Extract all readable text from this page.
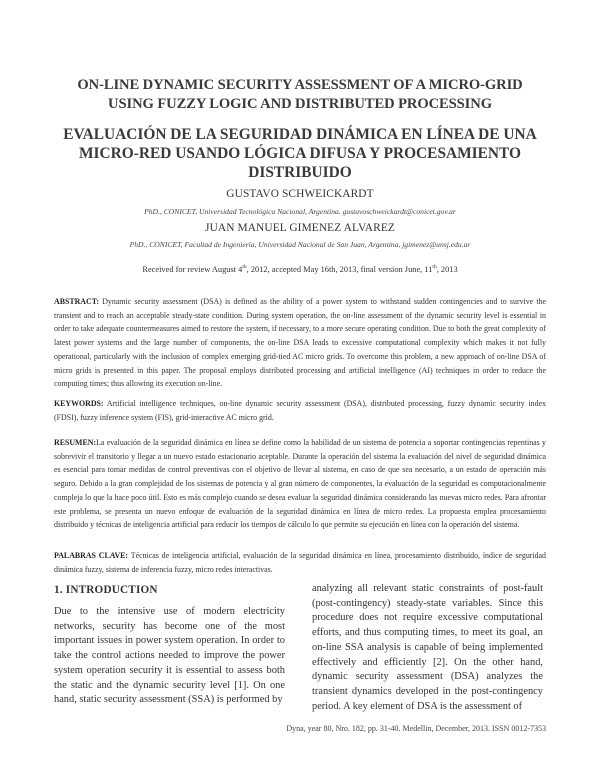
ON-LINE DYNAMIC SECURITY ASSESSMENT OF A MICRO-GRID
USING FUZZY LOGIC AND DISTRIBUTED PROCESSING
EVALUACIÓN DE LA SEGURIDAD DINÁMICA EN LÍNEA DE UNA
MICRO-RED USANDO LÓGICA DIFUSA Y PROCESAMIENTO
DISTRIBUIDO
GUSTAVO SCHWEICKARDT
PhD., CONICET, Universidad Tecnológica Nacional, Argentina. gustavoschweickardt@conicet.gov.ar
JUAN MANUEL GIMENEZ ALVAREZ
PhD., CONICET, Facultad de Ingeniería, Universidad Nacional de San Juan, Argentina, jgimenez@unsj.edu.ar
Received for review August 4th, 2012, accepted May 16th, 2013, final version June, 11th, 2013
ABSTRACT: Dynamic security assessment (DSA) is defined as the ability of a power system to withstand sudden contingencies and to survive the transient and to reach an acceptable steady-state condition. During system operation, the on-line assessment of the dynamic security level is essential in order to take adequate countermeasures aimed to restore the system, if necessary, to a more secure operating condition. Due to both the great complexity of latest power systems and the large number of components, the on-line DSA leads to excessive computational complexity which makes it not fully operational, particularly with the inclusion of complex emerging grid-tied AC micro grids. To overcome this problem, a new approach of on-line DSA of micro grids is presented in this paper. The proposal employs distributed processing and artificial intelligence (AI) techniques in order to reduce the computing times; thus allowing its execution on-line.
KEYWORDS: Artificial intelligence techniques, on-line dynamic security assessment (DSA), distributed processing, fuzzy dynamic security index (FDSI), fuzzy inference system (FIS), grid-interactive AC micro grid.
RESUMEN:La evaluación de la seguridad dinámica en línea se define como la habilidad de un sistema de potencia a soportar contingencias repentinas y sobrevivir el transitorio y llegar a un nuevo estado estacionario aceptable. Durante la operación del sistema la evaluación del nivel de seguridad dinámica es esencial para tomar medidas de control preventivas con el objetivo de llevar al sistema, en caso de que sea necesario, a un estado de operación más seguro. Debido a la gran complejidad de los sistemas de potencia y al gran número de componentes, la evaluación de la seguridad es computacionalmente compleja lo que la hace poco útil. Esto es más complejo cuando se desea evaluar la seguridad dinámica considerando las nuevas micro redes. Para afrontar este problema, se presenta un nuevo enfoque de evaluación de la seguridad dinámica en línea de micro redes. La propuesta emplea procesamiento distribuido y técnicas de inteligencia artificial para reducir los tiempos de cálculo lo que permite su ejecución en línea con la operación del sistema.
PALABRAS CLAVE: Técnicas de inteligencia artificial, evaluación de la seguridad dinámica en línea, procesamiento distribuido, índice de seguridad dinámica fuzzy, sistema de inferencia fuzzy, micro redes interactivas.
1. INTRODUCTION
Due to the intensive use of modern electricity networks, security has become one of the most important issues in power system operation. In order to take the control actions needed to improve the power system operation security it is essential to assess both the static and the dynamic security level [1]. On one hand, static security assessment (SSA) is performed by
analyzing all relevant static constraints of post-fault (post-contingency) steady-state variables. Since this procedure does not require excessive computational efforts, and thus computing times, to meet its goal, an on-line SSA analysis is capable of being implemented effectively and efficiently [2]. On the other hand, dynamic security assessment (DSA) analyzes the transient dynamics developed in the post-contingency period. A key element of DSA is the assessment of
Dyna, year 80, Nro. 182, pp. 31-40. Medellin, December, 2013. ISSN 0012-7353
